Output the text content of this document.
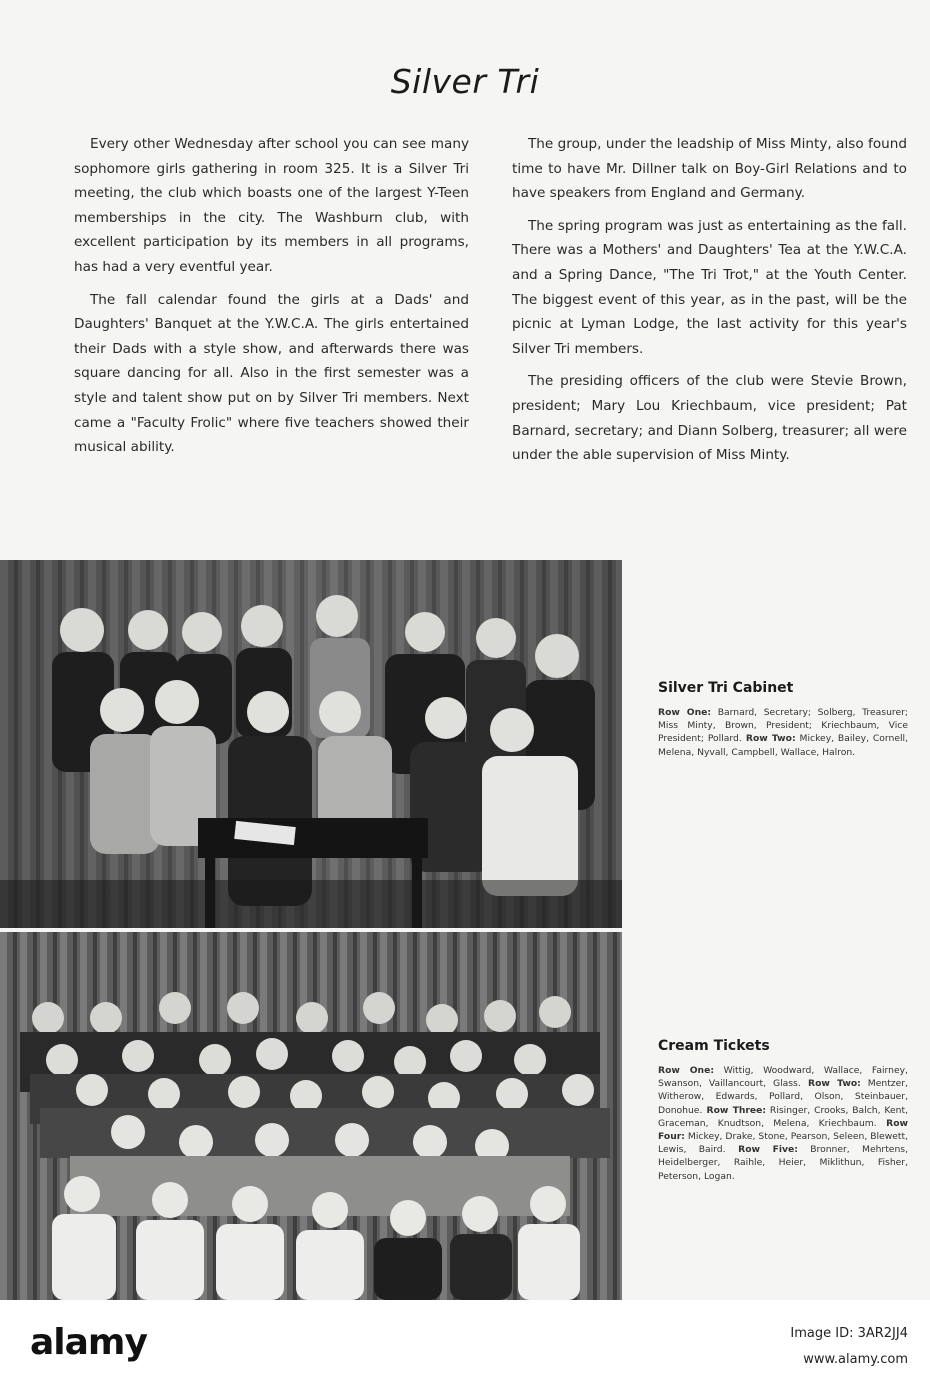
Silver Tri

Every other Wednesday after school you can see many sophomore girls gathering in room 325. It is a Silver Tri meeting, the club which boasts one of the largest Y-Teen memberships in the city. The Washburn club, with excellent participation by its members in all programs, has had a very eventful year.

The fall calendar found the girls at a Dads' and Daughters' Banquet at the Y.W.C.A. The girls entertained their Dads with a style show, and afterwards there was square dancing for all. Also in the first semester was a style and talent show put on by Silver Tri members. Next came a "Faculty Frolic" where five teachers showed their musical ability.

The group, under the leadship of Miss Minty, also found time to have Mr. Dillner talk on Boy-Girl Relations and to have speakers from England and Germany.

The spring program was just as entertaining as the fall. There was a Mothers' and Daughters' Tea at the Y.W.C.A. and a Spring Dance, "The Tri Trot," at the Youth Center. The biggest event of this year, as in the past, will be the picnic at Lyman Lodge, the last activity for this year's Silver Tri members.

The presiding officers of the club were Stevie Brown, president; Mary Lou Kriechbaum, vice president; Pat Barnard, secretary; and Diann Solberg, treasurer; all were under the able supervision of Miss Minty.

Silver Tri Cabinet
Row One: Barnard, Secretary; Solberg, Treasurer; Miss Minty, Brown, President; Kriechbaum, Vice President; Pollard. Row Two: Mickey, Bailey, Cornell, Melena, Nyvall, Campbell, Wallace, Halron.
Cream Tickets
Row One: Wittig, Woodward, Wallace, Fairney, Swanson, Vaillancourt, Glass. Row Two: Mentzer, Witherow, Edwards, Pollard, Olson, Steinbauer, Donohue. Row Three: Risinger, Crooks, Balch, Kent, Graceman, Knudtson, Melena, Kriechbaum. Row Four: Mickey, Drake, Stone, Pearson, Seleen, Blewett, Lewis, Baird. Row Five: Bronner, Mehrtens, Heidelberger, Raihle, Heier, Miklithun, Fisher, Peterson, Logan.
alamy	Image ID: 3AR2JJ4
www.alamy.com
